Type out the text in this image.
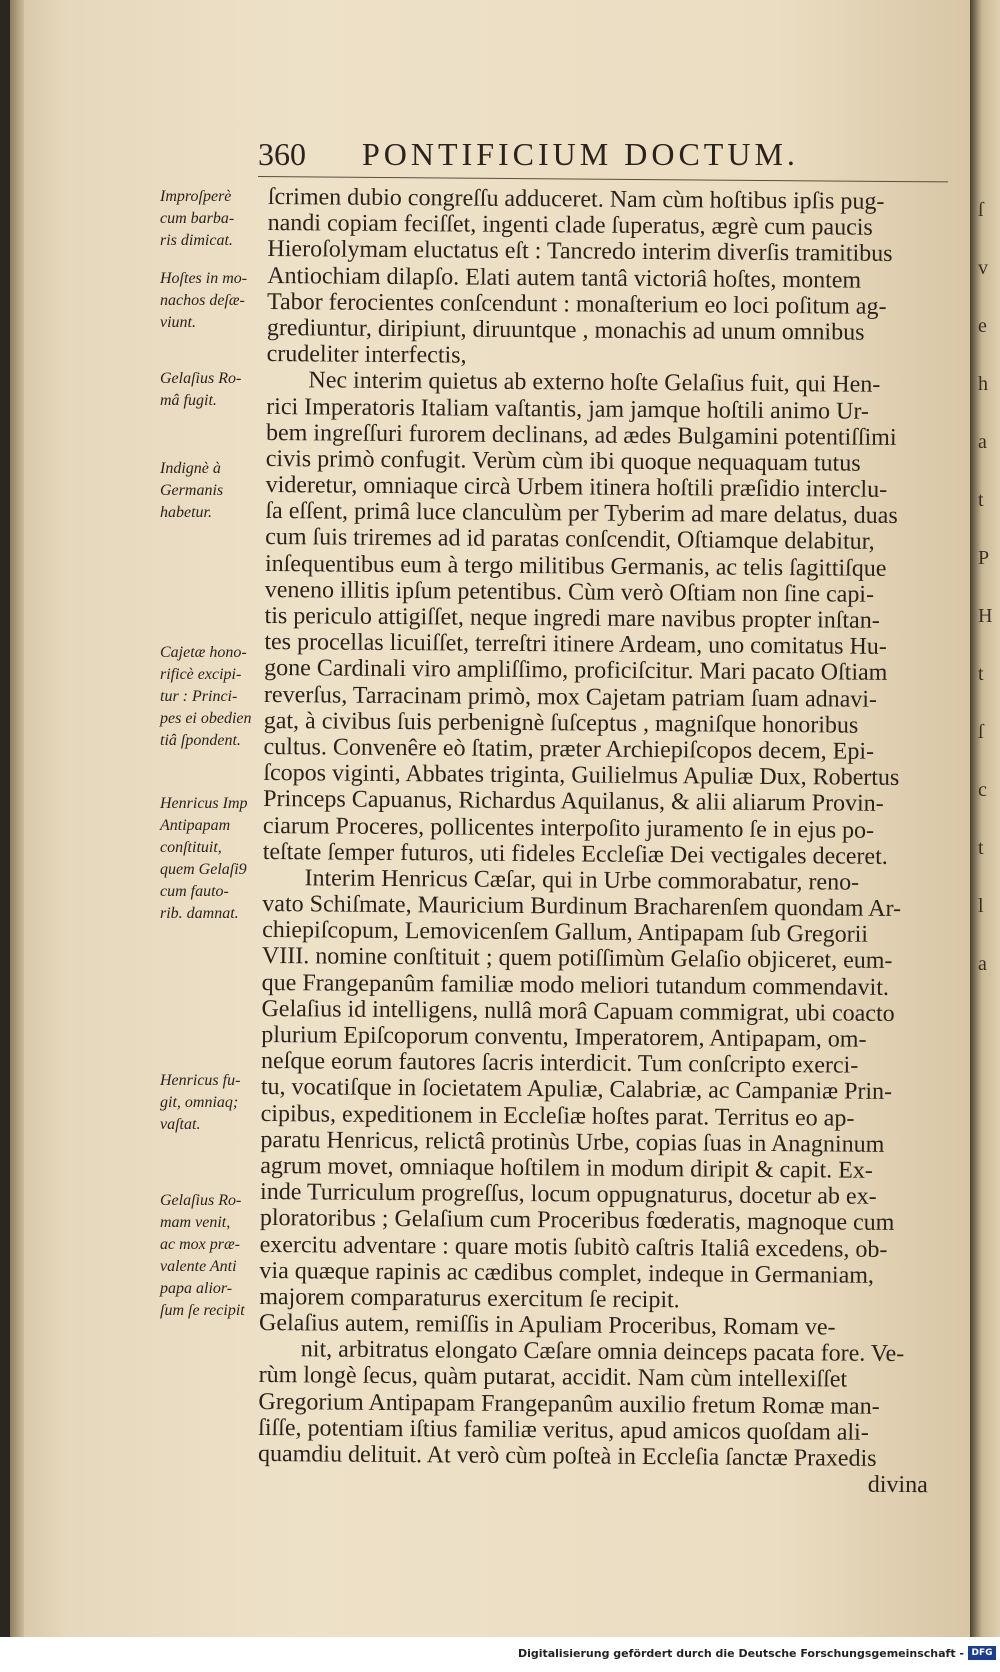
ſ
v
e
h
a
t
P
H
t
ſ
c
t
l
a
360 PONTIFICIUM DOCTUM.
Improſperè
cum barba-
ris dimicat.
Hoſtes in mo-
nachos deſæ-
viunt.
Gelaſius Ro-
mâ fugit.
Indignè à
Germanis
habetur.
Cajetæ hono-
rificè excipi-
tur : Princi-
pes ei obedien
tiâ ſpondent.
Henricus Imp
Antipapam
conſtituit,
quem Gelaſi9
cum fauto-
rib. damnat.
Henricus fu-
git, omniaq;
vaſtat.
Gelaſius Ro-
mam venit,
ac mox præ-
valente Anti
papa alior-
ſum ſe recipit
ſcrimen dubio congreſſu adduceret. Nam cùm hoſtibus ipſis pug-
nandi copiam feciſſet, ingenti clade ſuperatus, ægrè cum paucis
Hieroſolymam eluctatus eſt : Tancredo interim diverſis tramitibus
Antiochiam dilapſo. Elati autem tantâ victoriâ hoſtes, montem
Tabor ferocientes conſcendunt : monaſterium eo loci poſitum ag-
grediuntur, diripiunt, diruuntque , monachis ad unum omnibus
crudeliter interfectis,
Nec interim quietus ab externo hoſte Gelaſius fuit, qui Hen-
rici Imperatoris Italiam vaſtantis, jam jamque hoſtili animo Ur-
bem ingreſſuri furorem declinans, ad ædes Bulgamini potentiſſimi
civis primò confugit. Verùm cùm ibi quoque nequaquam tutus
videretur, omniaque circà Urbem itinera hoſtili præſidio interclu-
ſa eſſent, primâ luce clanculùm per Tyberim ad mare delatus, duas
cum ſuis triremes ad id paratas conſcendit, Oſtiamque delabitur,
inſequentibus eum à tergo militibus Germanis, ac telis ſagittiſque
veneno illitis ipſum petentibus. Cùm verò Oſtiam non ſine capi-
tis periculo attigiſſet, neque ingredi mare navibus propter inſtan-
tes procellas licuiſſet, terreſtri itinere Ardeam, uno comitatus Hu-
gone Cardinali viro ampliſſimo, proficiſcitur. Mari pacato Oſtiam
reverſus, Tarracinam primò, mox Cajetam patriam ſuam adnavi-
gat, à civibus ſuis perbenignè ſuſceptus , magniſque honoribus
cultus. Convenêre eò ſtatim, præter Archiepiſcopos decem, Epi-
ſcopos viginti, Abbates triginta, Guilielmus Apuliæ Dux, Robertus
Princeps Capuanus, Richardus Aquilanus, & alii aliarum Provin-
ciarum Proceres, pollicentes interpoſito juramento ſe in ejus po-
teſtate ſemper futuros, uti fideles Eccleſiæ Dei vectigales deceret.
Interim Henricus Cæſar, qui in Urbe commorabatur, reno-
vato Schiſmate, Mauricium Burdinum Bracharenſem quondam Ar-
chiepiſcopum, Lemovicenſem Gallum, Antipapam ſub Gregorii
VIII. nomine conſtituit ; quem potiſſimùm Gelaſio objiceret, eum-
que Frangepanûm familiæ modo meliori tutandum commendavit.
Gelaſius id intelligens, nullâ morâ Capuam commigrat, ubi coacto
plurium Epiſcoporum conventu, Imperatorem, Antipapam, om-
neſque eorum fautores ſacris interdicit. Tum conſcripto exerci-
tu, vocatiſque in ſocietatem Apuliæ, Calabriæ, ac Campaniæ Prin-
cipibus, expeditionem in Eccleſiæ hoſtes parat. Territus eo ap-
paratu Henricus, relictâ protinùs Urbe, copias ſuas in Anagninum
agrum movet, omniaque hoſtilem in modum diripit & capit. Ex-
inde Turriculum progreſſus, locum oppugnaturus, docetur ab ex-
ploratoribus ; Gelaſium cum Proceribus fœderatis, magnoque cum
exercitu adventare : quare motis ſubitò caſtris Italiâ excedens, ob-
via quæque rapinis ac cædibus complet, indeque in Germaniam,
majorem comparaturus exercitum ſe recipit.
Gelaſius autem, remiſſis in Apuliam Proceribus, Romam ve-
nit, arbitratus elongato Cæſare omnia deinceps pacata fore. Ve-
rùm longè ſecus, quàm putarat, accidit. Nam cùm intellexiſſet
Gregorium Antipapam Frangepanûm auxilio fretum Romæ man-
ſiſſe, potentiam iſtius familiæ veritus, apud amicos quoſdam ali-
quamdiu delituit. At verò cùm poſteà in Eccleſia ſanctæ Praxedis
divina
Digitalisierung gefördert durch die Deutsche Forschungsgemeinschaft - DFG
